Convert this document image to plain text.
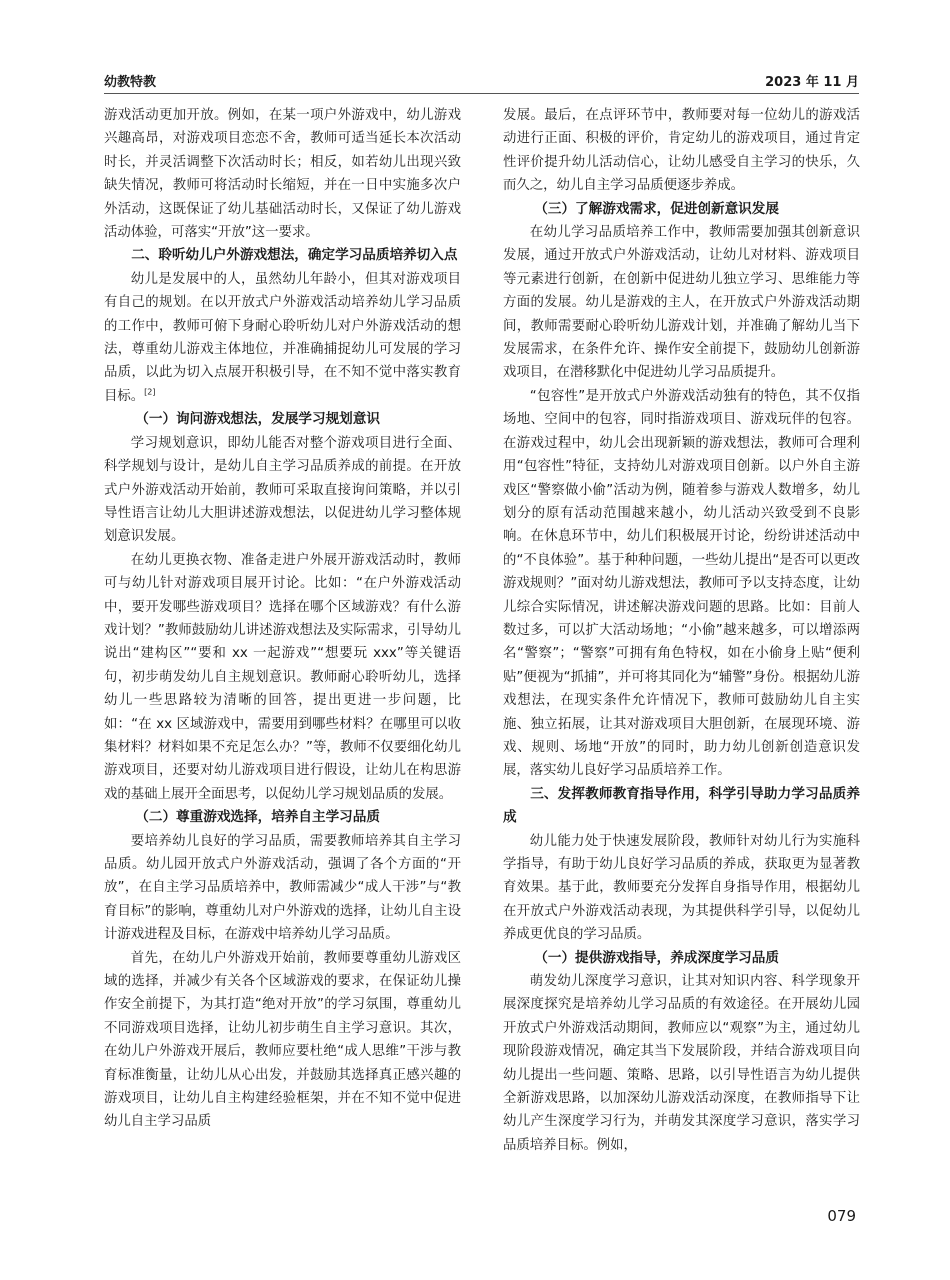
幼教特教	2023 年 11 月

游戏活动更加开放。例如，在某一项户外游戏中，幼儿游戏兴趣高昂，对游戏项目恋恋不舍，教师可适当延长本次活动时长，并灵活调整下次活动时长；相反，如若幼儿出现兴致缺失情况，教师可将活动时长缩短，并在一日中实施多次户外活动，这既保证了幼儿基础活动时长，又保证了幼儿游戏活动体验，可落实“开放”这一要求。

二、聆听幼儿户外游戏想法，确定学习品质培养切入点

幼儿是发展中的人，虽然幼儿年龄小，但其对游戏项目有自己的规划。在以开放式户外游戏活动培养幼儿学习品质的工作中，教师可俯下身耐心聆听幼儿对户外游戏活动的想法，尊重幼儿游戏主体地位，并准确捕捉幼儿可发展的学习品质，以此为切入点展开积极引导，在不知不觉中落实教育目标。[2]

（一）询问游戏想法，发展学习规划意识

学习规划意识，即幼儿能否对整个游戏项目进行全面、科学规划与设计，是幼儿自主学习品质养成的前提。在开放式户外游戏活动开始前，教师可采取直接询问策略，并以引导性语言让幼儿大胆讲述游戏想法，以促进幼儿学习整体规划意识发展。

在幼儿更换衣物、准备走进户外展开游戏活动时，教师可与幼儿针对游戏项目展开讨论。比如：“在户外游戏活动中，要开发哪些游戏项目？选择在哪个区域游戏？有什么游戏计划？”教师鼓励幼儿讲述游戏想法及实际需求，引导幼儿说出“建构区”“要和 xx 一起游戏”“想要玩 xxx”等关键语句，初步萌发幼儿自主规划意识。教师耐心聆听幼儿，选择幼儿一些思路较为清晰的回答，提出更进一步问题，比如：“在 xx 区域游戏中，需要用到哪些材料？在哪里可以收集材料？材料如果不充足怎么办？”等，教师不仅要细化幼儿游戏项目，还要对幼儿游戏项目进行假设，让幼儿在构思游戏的基础上展开全面思考，以促幼儿学习规划品质的发展。

（二）尊重游戏选择，培养自主学习品质

要培养幼儿良好的学习品质，需要教师培养其自主学习品质。幼儿园开放式户外游戏活动，强调了各个方面的“开放”，在自主学习品质培养中，教师需减少“成人干涉”与“教育目标”的影响，尊重幼儿对户外游戏的选择，让幼儿自主设计游戏进程及目标，在游戏中培养幼儿学习品质。

首先，在幼儿户外游戏开始前，教师要尊重幼儿游戏区域的选择，并减少有关各个区域游戏的要求，在保证幼儿操作安全前提下，为其打造“绝对开放”的学习氛围，尊重幼儿不同游戏项目选择，让幼儿初步萌生自主学习意识。其次，在幼儿户外游戏开展后，教师应要杜绝“成人思维”干涉与教育标准衡量，让幼儿从心出发，并鼓励其选择真正感兴趣的游戏项目，让幼儿自主构建经验框架，并在不知不觉中促进幼儿自主学习品质

发展。最后，在点评环节中，教师要对每一位幼儿的游戏活动进行正面、积极的评价，肯定幼儿的游戏项目，通过肯定性评价提升幼儿活动信心，让幼儿感受自主学习的快乐，久而久之，幼儿自主学习品质便逐步养成。

（三）了解游戏需求，促进创新意识发展

在幼儿学习品质培养工作中，教师需要加强其创新意识发展，通过开放式户外游戏活动，让幼儿对材料、游戏项目等元素进行创新，在创新中促进幼儿独立学习、思维能力等方面的发展。幼儿是游戏的主人，在开放式户外游戏活动期间，教师需要耐心聆听幼儿游戏计划，并准确了解幼儿当下发展需求，在条件允许、操作安全前提下，鼓励幼儿创新游戏项目，在潜移默化中促进幼儿学习品质提升。

“包容性”是开放式户外游戏活动独有的特色，其不仅指场地、空间中的包容，同时指游戏项目、游戏玩伴的包容。在游戏过程中，幼儿会出现新颖的游戏想法，教师可合理利用“包容性”特征，支持幼儿对游戏项目创新。以户外自主游戏区“警察做小偷”活动为例，随着参与游戏人数增多，幼儿划分的原有活动范围越来越小，幼儿活动兴致受到不良影响。在休息环节中，幼儿们积极展开讨论，纷纷讲述活动中的“不良体验”。基于种种问题，一些幼儿提出“是否可以更改游戏规则？”面对幼儿游戏想法，教师可予以支持态度，让幼儿综合实际情况，讲述解决游戏问题的思路。比如：目前人数过多，可以扩大活动场地；“小偷”越来越多，可以增添两名“警察”；“警察”可拥有角色特权，如在小偷身上贴“便利贴”便视为“抓捕”，并可将其同化为“辅警”身份。根据幼儿游戏想法，在现实条件允许情况下，教师可鼓励幼儿自主实施、独立拓展，让其对游戏项目大胆创新，在展现环境、游戏、规则、场地“开放”的同时，助力幼儿创新创造意识发展，落实幼儿良好学习品质培养工作。

三、发挥教师教育指导作用，科学引导助力学习品质养成

幼儿能力处于快速发展阶段，教师针对幼儿行为实施科学指导，有助于幼儿良好学习品质的养成，获取更为显著教育效果。基于此，教师要充分发挥自身指导作用，根据幼儿在开放式户外游戏活动表现，为其提供科学引导，以促幼儿养成更优良的学习品质。

（一）提供游戏指导，养成深度学习品质

萌发幼儿深度学习意识，让其对知识内容、科学现象开展深度探究是培养幼儿学习品质的有效途径。在开展幼儿园开放式户外游戏活动期间，教师应以“观察”为主，通过幼儿现阶段游戏情况，确定其当下发展阶段，并结合游戏项目向幼儿提出一些问题、策略、思路，以引导性语言为幼儿提供全新游戏思路，以加深幼儿游戏活动深度，在教师指导下让幼儿产生深度学习行为，并萌发其深度学习意识，落实学习品质培养目标。例如，

079
